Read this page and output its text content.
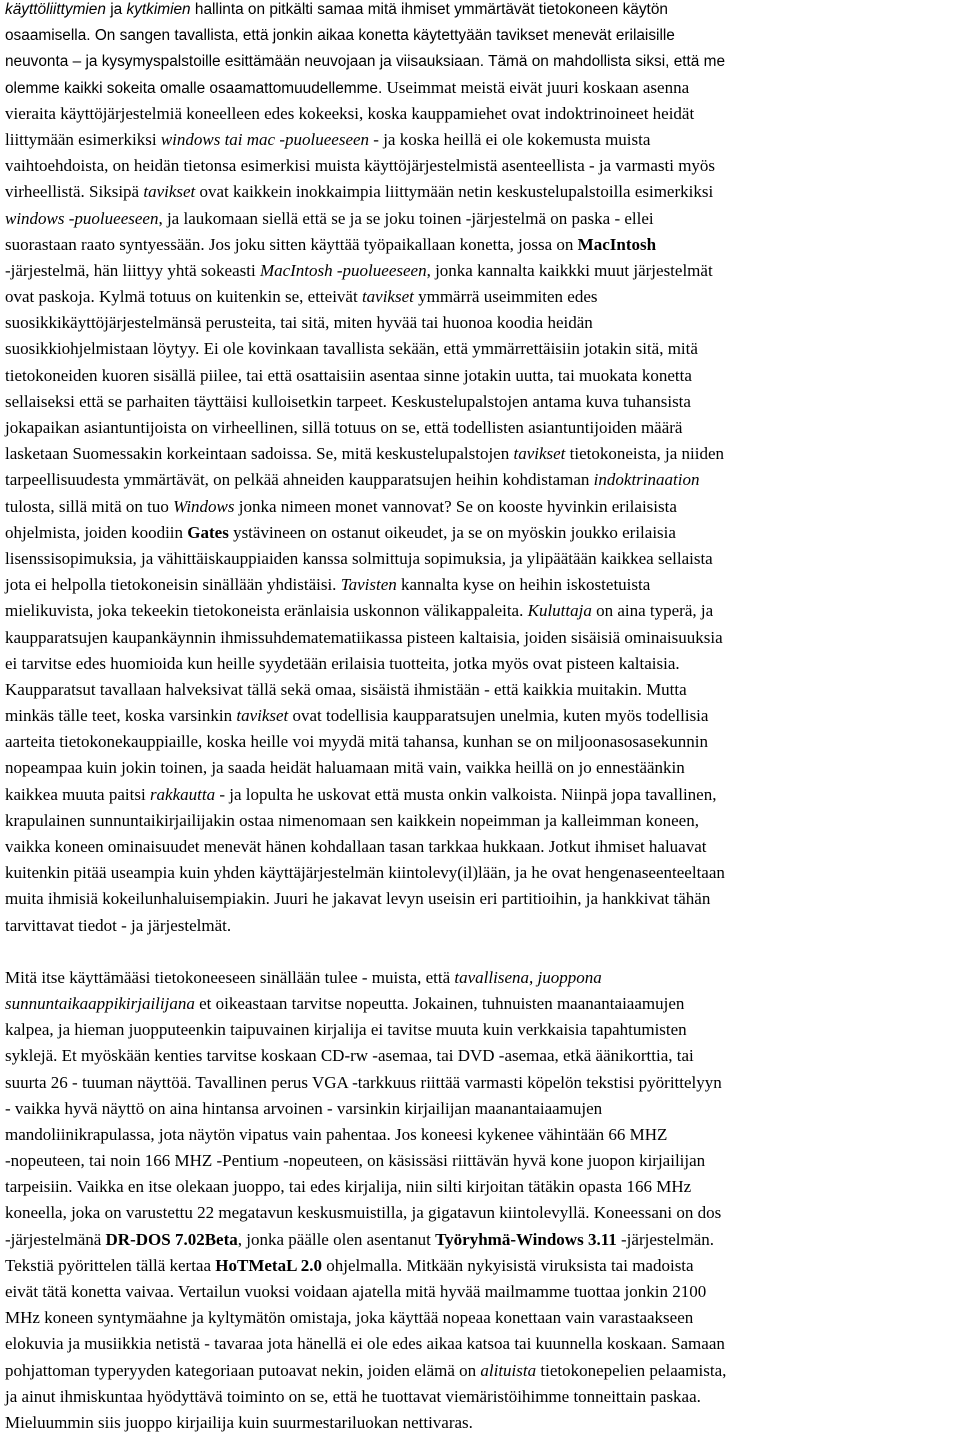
käyttöliittymien ja kytkimien hallinta on pitkälti samaa mitä ihmiset ymmärtävät tietokoneen käytön
osaamisella. On sangen tavallista, että jonkin aikaa konetta käytettyään tavikset menevät erilaisille
neuvonta – ja kysymyspalstoille esittämään neuvojaan ja viisauksiaan. Tämä on mahdollista siksi, että me
olemme kaikki sokeita omalle osaamattomuudellemme. Useimmat meistä eivät juuri koskaan asenna
vieraita käyttöjärjestelmiä koneelleen edes kokeeksi, koska kauppamiehet ovat indoktrinoineet heidät
liittymään esimerkiksi windows tai mac -puolueeseen - ja koska heillä ei ole kokemusta muista
vaihtoehdoista, on heidän tietonsa esimerkisi muista käyttöjärjestelmistä asenteellista - ja varmasti myös
virheellistä. Siksipä tavikset ovat kaikkein inokkaimpia liittymään netin keskustelupalstoilla esimerkiksi
windows -puolueeseen, ja laukomaan siellä että se ja se joku toinen -järjestelmä on paska - ellei
suorastaan raato syntyessään. Jos joku sitten käyttää työpaikallaan konetta, jossa on MacIntosh
-järjestelmä, hän liittyy yhtä sokeasti MacIntosh -puolueeseen, jonka kannalta kaikkki muut järjestelmät
ovat paskoja. Kylmä totuus on kuitenkin se, etteivät tavikset ymmärrä useimmiten edes
suosikkikäyttöjärjestelmänsä perusteita, tai sitä, miten hyvää tai huonoa koodia heidän
suosikkiohjelmistaan löytyy. Ei ole kovinkaan tavallista sekään, että ymmärrettäisiin jotakin sitä, mitä
tietokoneiden kuoren sisällä piilee, tai että osattaisiin asentaa sinne jotakin uutta, tai muokata konetta
sellaiseksi että se parhaiten täyttäisi kulloisetkin tarpeet. Keskustelupalstojen antama kuva tuhansista
jokapaikan asiantuntijoista on virheellinen, sillä totuus on se, että todellisten asiantuntijoiden määrä
lasketaan Suomessakin korkeintaan sadoissa. Se, mitä keskustelupalstojen tavikset tietokoneista, ja niiden
tarpeellisuudesta ymmärtävät, on pelkää ahneiden kaupparatsujen heihin kohdistaman indoktrinaation
tulosta, sillä mitä on tuo Windows jonka nimeen monet vannovat? Se on kooste hyvinkin erilaisista
ohjelmista, joiden koodiin Gates ystävineen on ostanut oikeudet, ja se on myöskin joukko erilaisia
lisenssisopimuksia, ja vähittäiskauppiaiden kanssa solmittuja sopimuksia, ja ylipäätään kaikkea sellaista
jota ei helpolla tietokoneisin sinällään yhdistäisi. Tavisten kannalta kyse on heihin iskostetuista
mielikuvista, joka tekeekin tietokoneista eränlaisia uskonnon välikappaleita. Kuluttaja on aina typerä, ja
kaupparatsujen kaupankäynnin ihmissuhdematematiikassa pisteen kaltaisia, joiden sisäisiä ominaisuuksia
ei tarvitse edes huomioida kun heille syydetään erilaisia tuotteita, jotka myös ovat pisteen kaltaisia.
Kaupparatsut tavallaan halveksivat tällä sekä omaa, sisäistä ihmistään - että kaikkia muitakin. Mutta
minkäs tälle teet, koska varsinkin tavikset ovat todellisia kaupparatsujen unelmia, kuten myös todellisia
aarteita tietokonekauppiaille, koska heille voi myydä mitä tahansa, kunhan se on miljoonasosasekunnin
nopeampaa kuin jokin toinen, ja saada heidät haluamaan mitä vain, vaikka heillä on jo ennestäänkin
kaikkea muuta paitsi rakkautta - ja lopulta he uskovat että musta onkin valkoista. Niinpä jopa tavallinen,
krapulainen sunnuntaikirjailijakin ostaa nimenomaan sen kaikkein nopeimman ja kalleimman koneen,
vaikka koneen ominaisuudet menevät hänen kohdallaan tasan tarkkaa hukkaan. Jotkut ihmiset haluavat
kuitenkin pitää useampia kuin yhden käyttäjärjestelmän kiintolevy(il)lään, ja he ovat hengenaseenteeltaan
muita ihmisiä kokeilunhaluisempiakin. Juuri he jakavat levyn useisin eri partitioihin, ja hankkivat tähän
tarvittavat tiedot - ja järjestelmät.
Mitä itse käyttämääsi tietokoneeseen sinällään tulee - muista, että tavallisena, juoppona
sunnuntaikaappikirjailijana et oikeastaan tarvitse nopeutta. Jokainen, tuhnuisten maanantaiaamujen
kalpea, ja hieman juopputeenkin taipuvainen kirjalija ei tavitse muuta kuin verkkaisia tapahtumisten
syklejä. Et myöskään kenties tarvitse koskaan CD-rw -asemaa, tai DVD -asemaa, etkä äänikorttia, tai
suurta 26 - tuuman näyttöä. Tavallinen perus VGA -tarkkuus riittää varmasti köpelön tekstisi pyörittelyyn
- vaikka hyvä näyttö on aina hintansa arvoinen - varsinkin kirjailijan maanantaiaamujen
mandoliinikrapulassa, jota näytön vipatus vain pahentaa. Jos koneesi kykenee vähintään 66 MHZ
-nopeuteen, tai noin 166 MHZ -Pentium -nopeuteen, on käsissäsi riittävän hyvä kone juopon kirjailijan
tarpeisiin. Vaikka en itse olekaan juoppo, tai edes kirjalija, niin silti kirjoitan tätäkin opasta 166 MHz
koneella, joka on varustettu 22 megatavun keskusmuistilla, ja gigatavun kiintolevyllä. Koneessani on dos
-järjestelmänä DR-DOS 7.02Beta, jonka päälle olen asentanut Työryhmä-Windows 3.11 -järjestelmän.
Tekstiä pyörittelen tällä kertaa HoTMetaL 2.0 ohjelmalla. Mitkään nykyisistä viruksista tai madoista
eivät tätä konetta vaivaa. Vertailun vuoksi voidaan ajatella mitä hyvää mailmamme tuottaa jonkin 2100
MHz koneen syntymäahne ja kyltymätön omistaja, joka käyttää nopeaa konettaan vain varastaakseen
elokuvia ja musiikkia netistä - tavaraa jota hänellä ei ole edes aikaa katsoa tai kuunnella koskaan. Samaan
pohjattoman typeryyden kategoriaan putoavat nekin, joiden elämä on alituista tietokonepelien pelaamista,
ja ainut ihmiskuntaa hyödyttävä toiminto on se, että he tuottavat viemäristöihimme tonneittain paskaa.
Mieluummin siis juoppo kirjailija kuin suurmestariluokan nettivaras.
